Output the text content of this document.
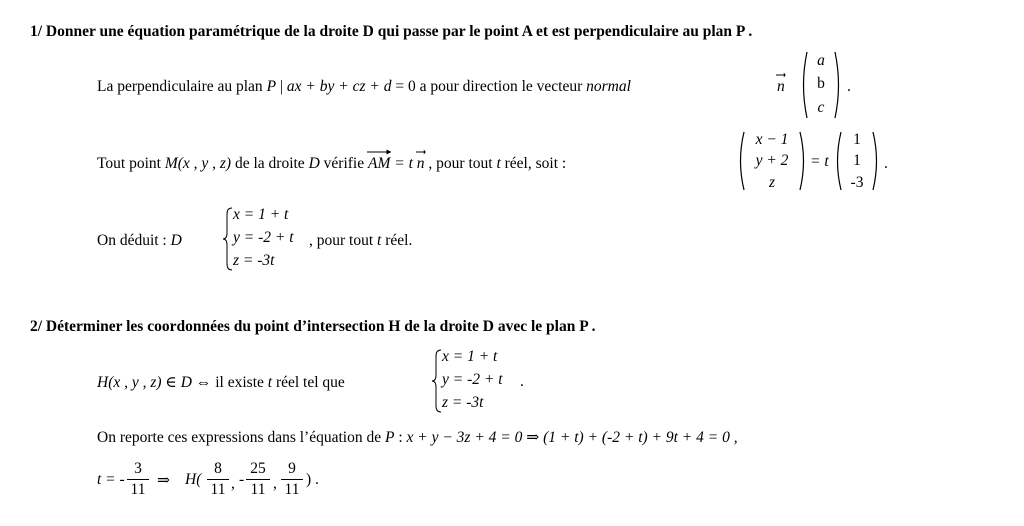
1/ Donner une équation paramétrique de la droite D qui passe par le point A et est perpendiculaire au plan P .
La perpendiculaire au plan P | ax + by + cz + d = 0 a pour direction le vecteur normal	n
a
b
c
.
Tout point M(x , y , z) de la droite D vérifie
AM = t
n , pour tout t réel, soit :
x − 1
y + 2
z
= t
1
1
-3
.
On déduit : D
x = 1 + t
y = -2 + t
z = -3t
, pour tout t réel.
2/ Déterminer les coordonnées du point d’intersection H de la droite D avec le plan P .
H(x , y , z) ∈ D ⇔ il existe t réel tel que
x = 1 + t
y = -2 + t
z = -3t
.
On reporte ces expressions dans l’équation de P : x + y − 3z + 4 = 0 ⇒ (1 + t) + (-2 + t) + 9t + 4 = 0 ,
t = -
3
11
⇒ H(
8
11 , -
25
11 ,
9
11
) .
